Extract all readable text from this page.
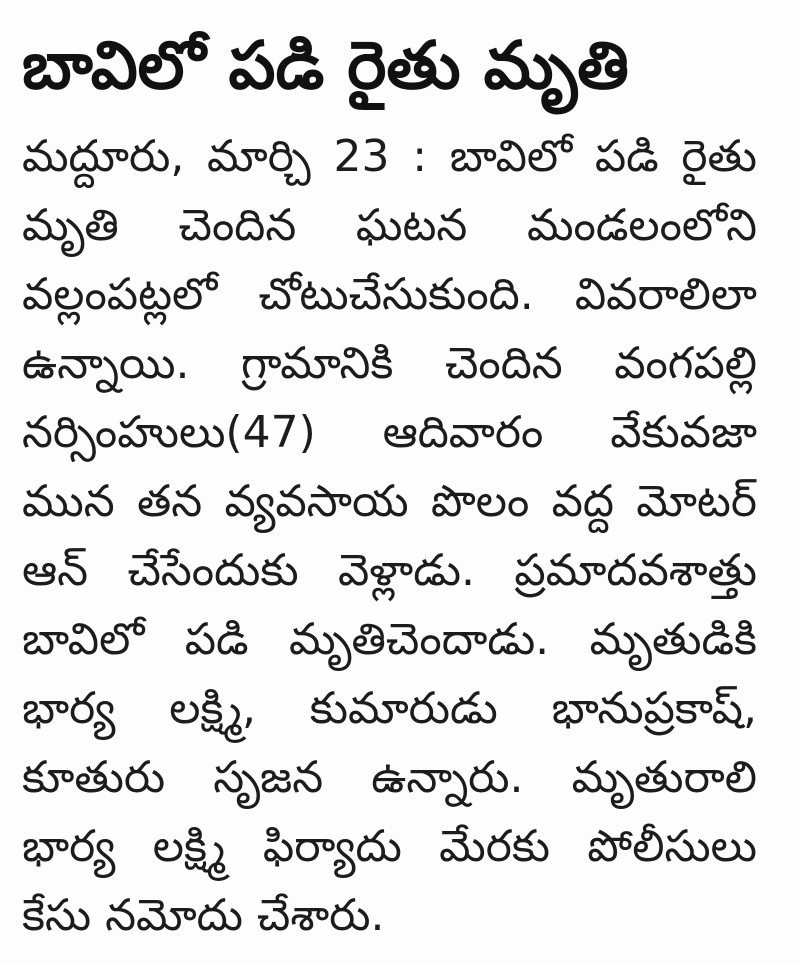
బావిలో పడి రైతు మృతి
మద్దూరు, మార్చి 23 : బావిలో పడి రైతు
మృతి చెందిన ఘటన మండలంలోని
వల్లంపట్లలో చోటుచేసుకుంది. వివరాలిలా
ఉన్నాయి. గ్రామానికి చెందిన వంగపల్లి
నర్సింహులు(47) ఆదివారం వేకువజా
మున తన వ్యవసాయ పొలం వద్ద మోటర్
ఆన్ చేసేందుకు వెళ్లాడు. ప్రమాదవశాత్తు
బావిలో పడి మృతిచెందాడు. మృతుడికి
భార్య లక్ష్మి, కుమారుడు భానుప్రకాష్,
కూతురు సృజన ఉన్నారు. మృతురాలి
భార్య లక్ష్మి ఫిర్యాదు మేరకు పోలీసులు
కేసు నమోదు చేశారు.
